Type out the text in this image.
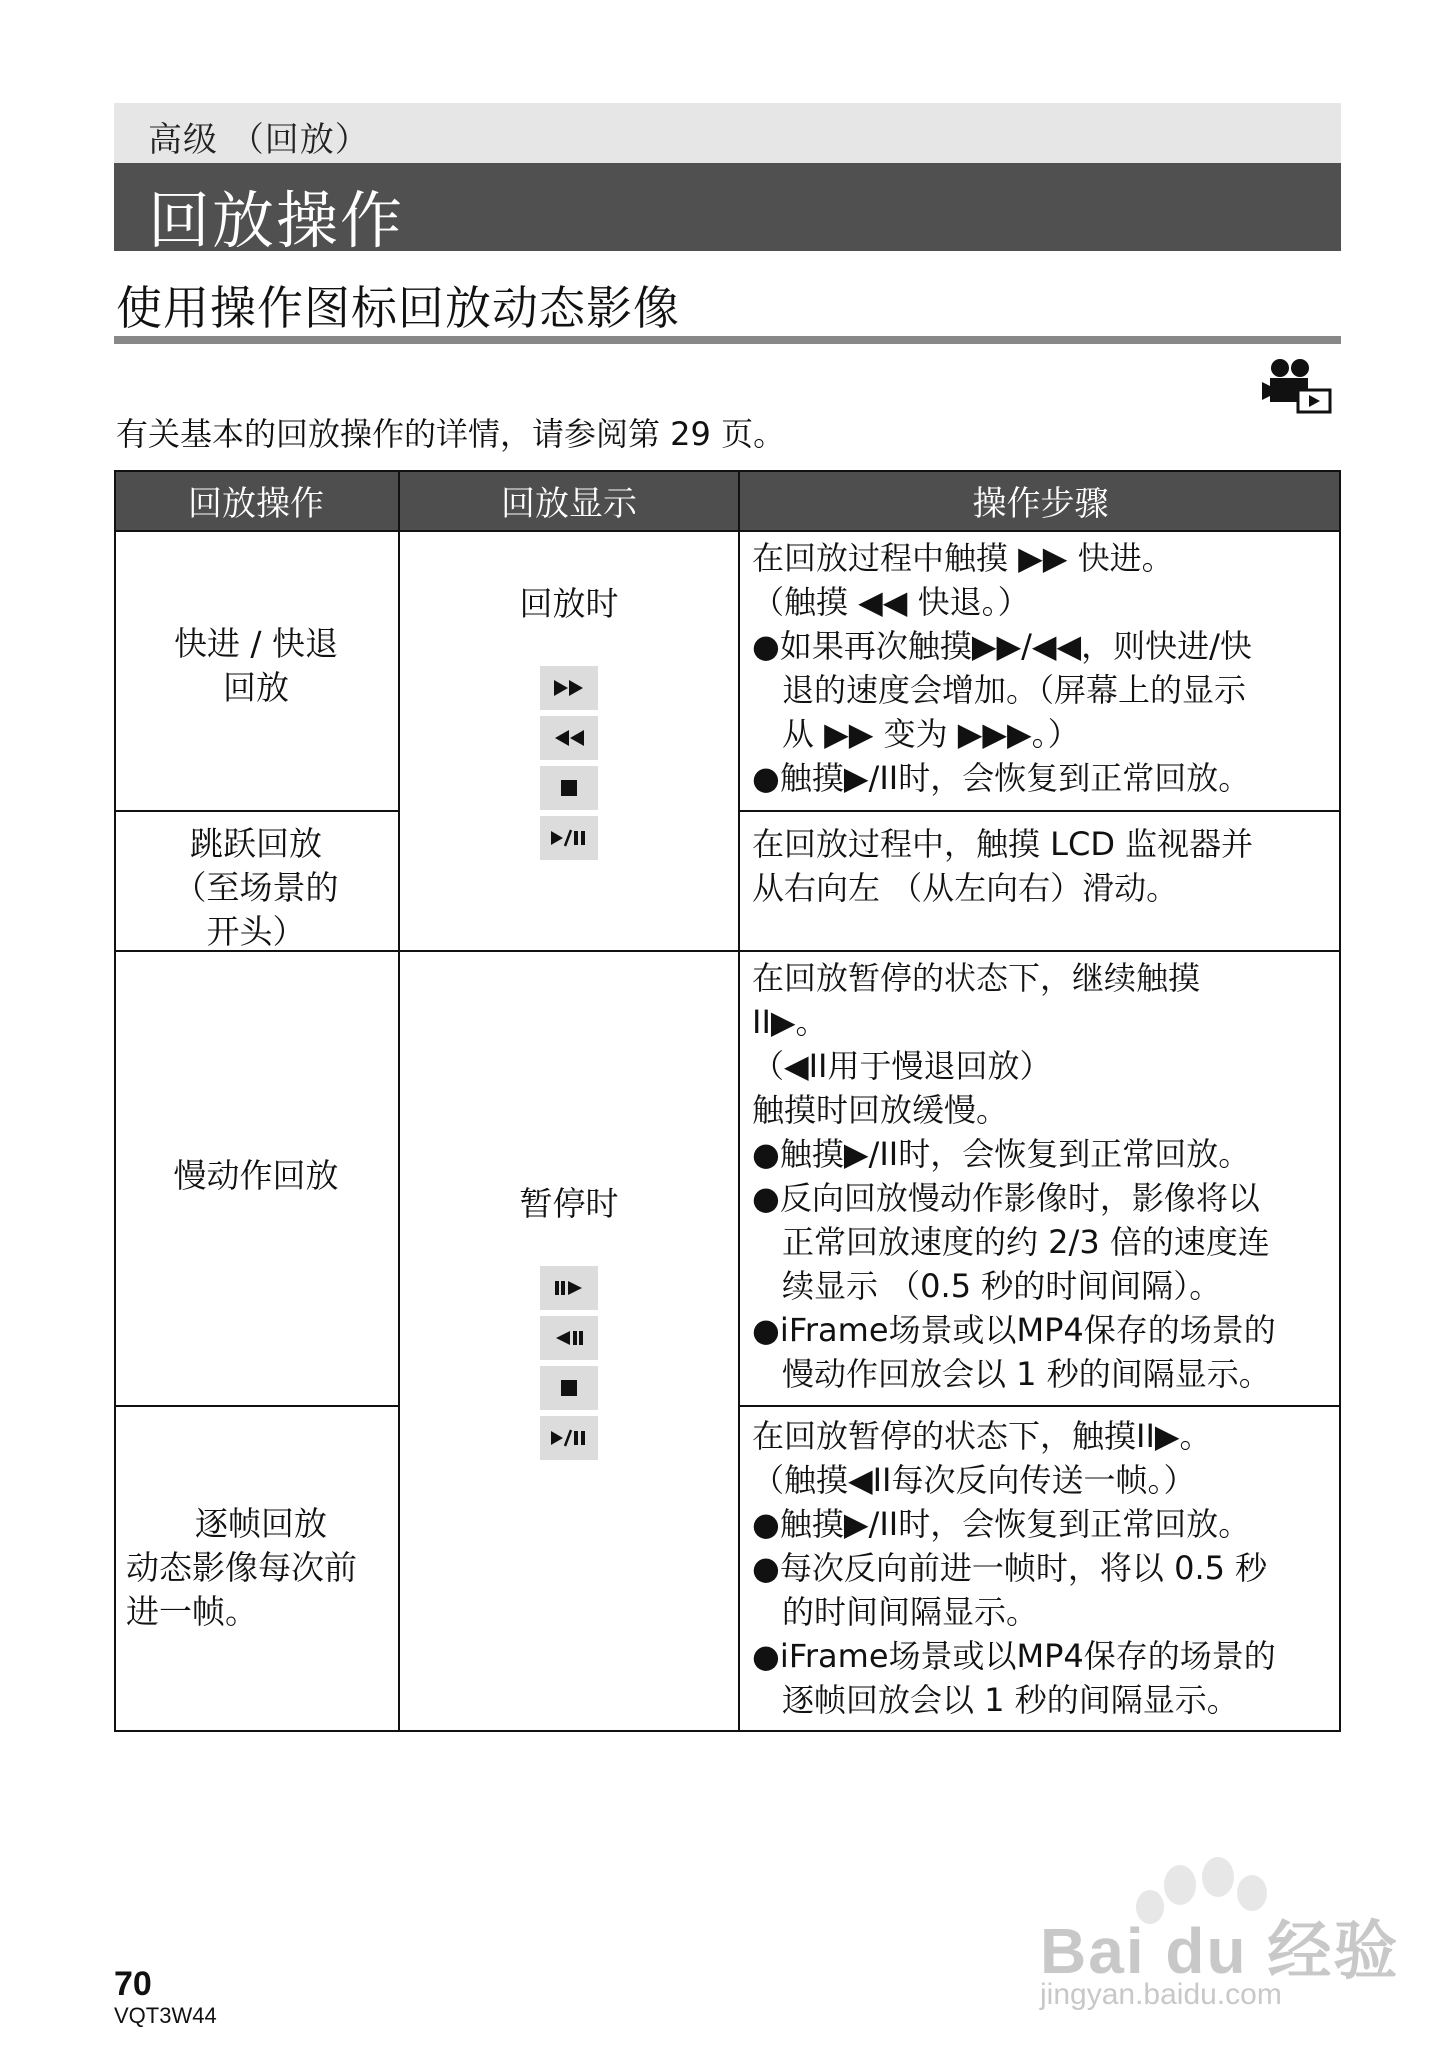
高级 （回放）
回放操作
使用操作图标回放动态影像
有关基本的回放操作的详情，请参阅第 29 页。
回放操作	回放显示	操作步骤
快进 / 快退
回放
跳跃回放
（至场景的
开头）
慢动作回放
逐帧回放
动态影像每次前
进一帧。
回放时
暂停时
在回放过程中触摸 ▶▶ 快进。
（触摸 ◀◀ 快退。）
●如果再次触摸▶▶/◀◀，则快进/快
退的速度会增加。（屏幕上的显示
从 ▶▶ 变为 ▶▶▶。）
●触摸▶/II时，会恢复到正常回放。
在回放过程中，触摸 LCD 监视器并
从右向左 （从左向右）滑动。
在回放暂停的状态下，继续触摸
II▶。
（◀II用于慢退回放）
触摸时回放缓慢。
●触摸▶/II时，会恢复到正常回放。
●反向回放慢动作影像时，影像将以
正常回放速度的约 2/3 倍的速度连
续显示 （0.5 秒的时间间隔）。
●iFrame场景或以MP4保存的场景的
慢动作回放会以 1 秒的间隔显示。
在回放暂停的状态下，触摸II▶。
（触摸◀II每次反向传送一帧。）
●触摸▶/II时，会恢复到正常回放。
●每次反向前进一帧时，将以 0.5 秒
的时间间隔显示。
●iFrame场景或以MP4保存的场景的
逐帧回放会以 1 秒的间隔显示。
70
VQT3W44
Bai du 经验
jingyan.baidu.com
